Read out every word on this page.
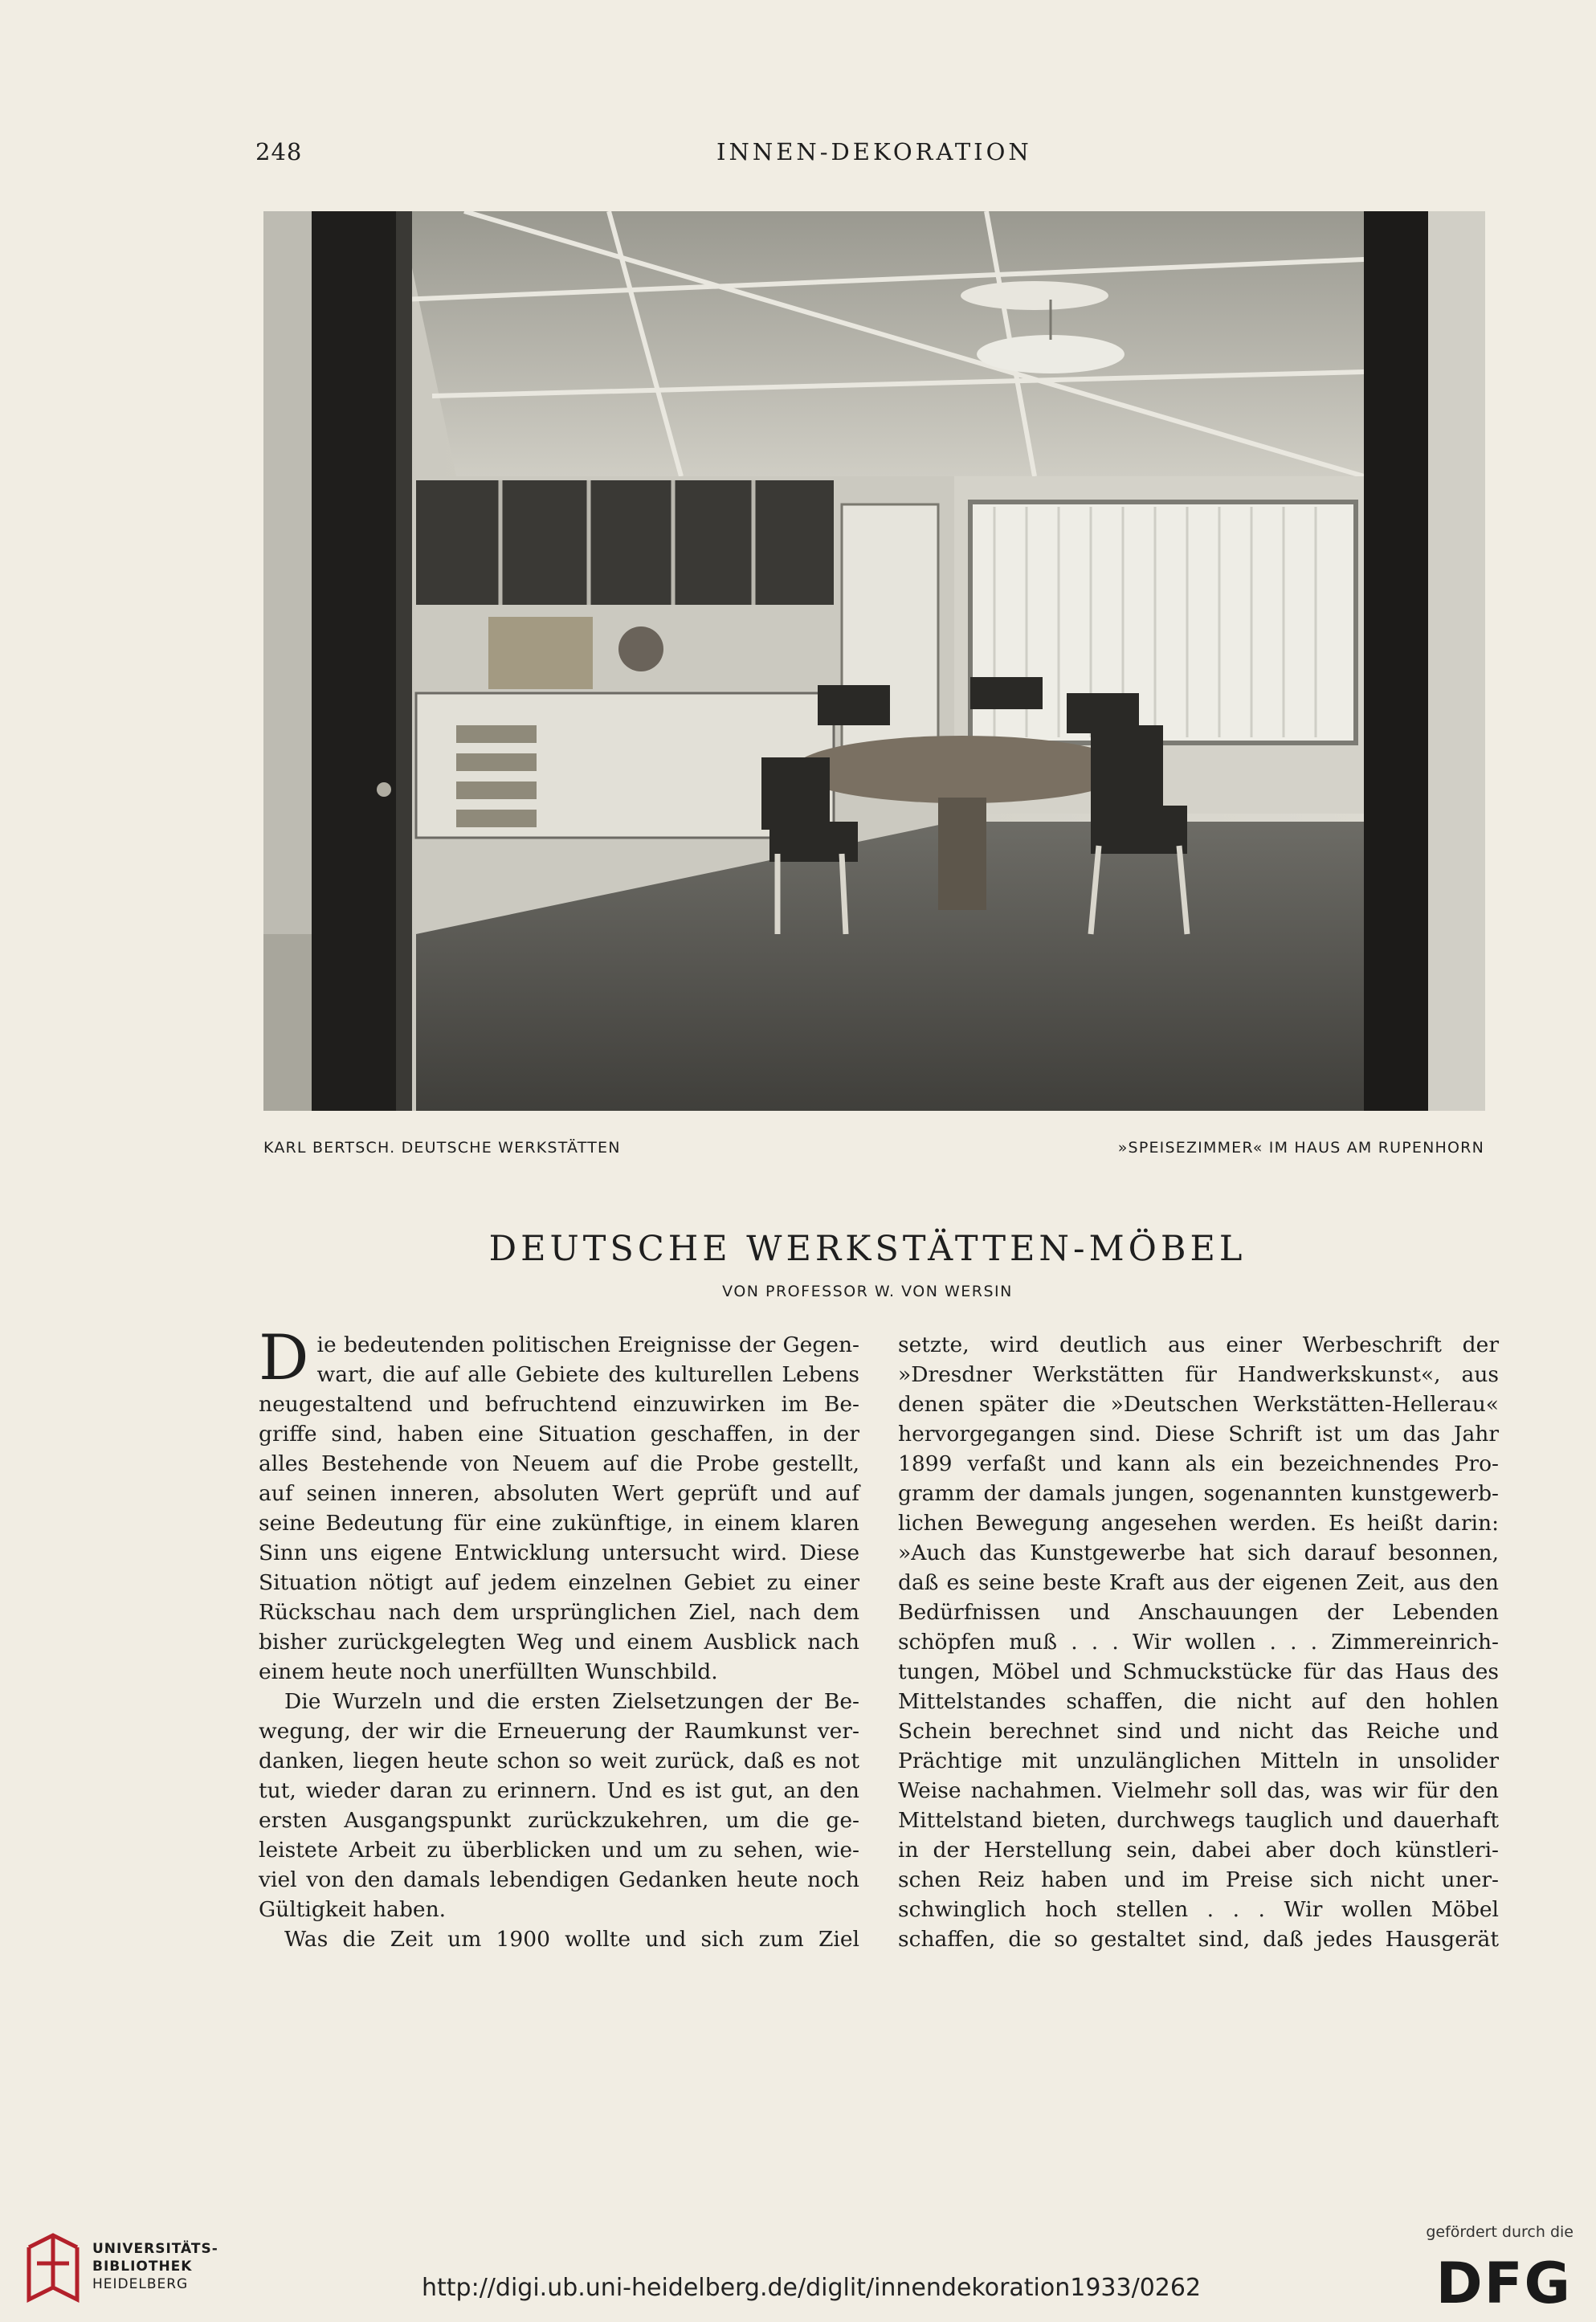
248	INNEN-DEKORATION
KARL BERTSCH. DEUTSCHE WERKSTÄTTEN	»SPEISEZIMMER« IM HAUS AM RUPENHORN
DEUTSCHE WERKSTÄTTEN-MÖBEL
VON PROFESSOR W. VON WERSIN
D ie bedeutenden politischen Ereignisse der Gegen-
wart, die auf alle Gebiete des kulturellen Lebens
neugestaltend und befruchtend einzuwirken im Be-
griffe sind, haben eine Situation geschaffen, in der
alles Bestehende von Neuem auf die Probe gestellt,
auf seinen inneren, absoluten Wert geprüft und auf
seine Bedeutung für eine zukünftige, in einem klaren
Sinn uns eigene Entwicklung untersucht wird. Diese
Situation nötigt auf jedem einzelnen Gebiet zu einer
Rückschau nach dem ursprünglichen Ziel, nach dem
bisher zurückgelegten Weg und einem Ausblick nach
einem heute noch unerfüllten Wunschbild.
Die Wurzeln und die ersten Zielsetzungen der Be-
wegung, der wir die Erneuerung der Raumkunst ver-
danken, liegen heute schon so weit zurück, daß es not
tut, wieder daran zu erinnern. Und es ist gut, an den
ersten Ausgangspunkt zurückzukehren, um die ge-
leistete Arbeit zu überblicken und um zu sehen, wie-
viel von den damals lebendigen Gedanken heute noch
Gültigkeit haben.
Was die Zeit um 1900 wollte und sich zum Ziel
setzte, wird deutlich aus einer Werbeschrift der
»Dresdner Werkstätten für Handwerkskunst«, aus
denen später die »Deutschen Werkstätten-Hellerau«
hervorgegangen sind. Diese Schrift ist um das Jahr
1899 verfaßt und kann als ein bezeichnendes Pro-
gramm der damals jungen, sogenannten kunstgewerb-
lichen Bewegung angesehen werden. Es heißt darin:
»Auch das Kunstgewerbe hat sich darauf besonnen,
daß es seine beste Kraft aus der eigenen Zeit, aus den
Bedürfnissen und Anschauungen der Lebenden
schöpfen muß . . . Wir wollen . . . Zimmereinrich-
tungen, Möbel und Schmuckstücke für das Haus des
Mittelstandes schaffen, die nicht auf den hohlen
Schein berechnet sind und nicht das Reiche und
Prächtige mit unzulänglichen Mitteln in unsolider
Weise nachahmen. Vielmehr soll das, was wir für den
Mittelstand bieten, durchwegs tauglich und dauerhaft
in der Herstellung sein, dabei aber doch künstleri-
schen Reiz haben und im Preise sich nicht uner-
schwinglich hoch stellen . . . Wir wollen Möbel
schaffen, die so gestaltet sind, daß jedes Hausgerät
UNIVERSITÄTS-
BIBLIOTHEK
HEIDELBERG	http://digi.ub.uni-heidelberg.de/diglit/innendekoration1933/0262
gefördert durch die
DFG
